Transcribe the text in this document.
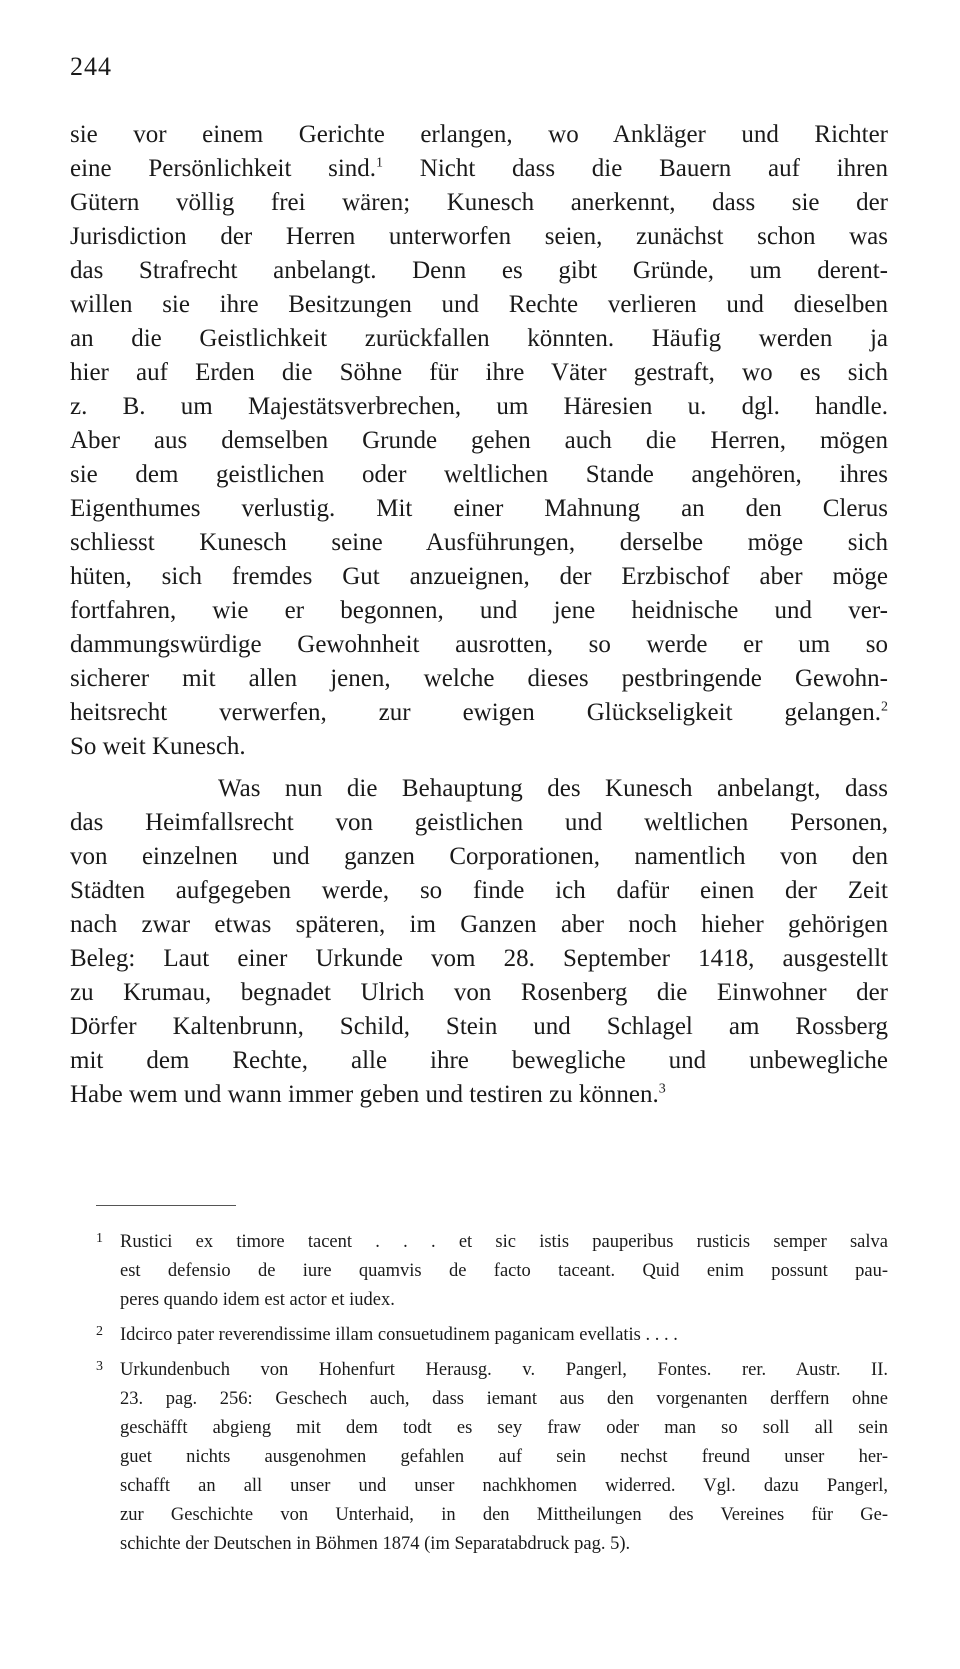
244

sie vor einem Gerichte erlangen, wo Ankläger und Richter
eine Persönlichkeit sind.$^1$ Nicht dass die Bauern auf ihren
Gütern völlig frei wären; Kunesch anerkennt, dass sie der
Jurisdiction der Herren unterworfen seien, zunächst schon was
das Strafrecht anbelangt. Denn es gibt Gründe, um derent-
willen sie ihre Besitzungen und Rechte verlieren und dieselben
an die Geistlichkeit zurückfallen könnten. Häufig werden ja
hier auf Erden die Söhne für ihre Väter gestraft, wo es sich
z. B. um Majestätsverbrechen, um Häresien u. dgl. handle.
Aber aus demselben Grunde gehen auch die Herren, mögen
sie dem geistlichen oder weltlichen Stande angehören, ihres
Eigenthumes verlustig. Mit einer Mahnung an den Clerus
schliesst Kunesch seine Ausführungen, derselbe möge sich
hüten, sich fremdes Gut anzueignen, der Erzbischof aber möge
fortfahren, wie er begonnen, und jene heidnische und ver-
dammungswürdige Gewohnheit ausrotten, so werde er um so
sicherer mit allen jenen, welche dieses pestbringende Gewohn-
heitsrecht verwerfen, zur ewigen Glückseligkeit gelangen.$^2$
So weit Kunesch.

Was nun die Behauptung des Kunesch anbelangt, dass
das Heimfallsrecht von geistlichen und weltlichen Personen,
von einzelnen und ganzen Corporationen, namentlich von den
Städten aufgegeben werde, so finde ich dafür einen der Zeit
nach zwar etwas späteren, im Ganzen aber noch hieher gehörigen
Beleg: Laut einer Urkunde vom 28. September 1418, ausgestellt
zu Krumau, begnadet Ulrich von Rosenberg die Einwohner der
Dörfer Kaltenbrunn, Schild, Stein und Schlagel am Rossberg
mit dem Rechte, alle ihre bewegliche und unbewegliche
Habe wem und wann immer geben und testiren zu können.$^3$

1 Rustici ex timore tacent . . . et sic istis pauperibus rusticis semper salva
est defensio de iure quamvis de facto taceant. Quid enim possunt pau-
peres quando idem est actor et iudex.
2 Idcirco pater reverendissime illam consuetudinem paganicam evellatis . . . .
3 Urkundenbuch von Hohenfurt Herausg. v. Pangerl, Fontes. rer. Austr. II.
23. pag. 256: Geschech auch, dass iemant aus den vorgenanten derffern ohne
geschäfft abgieng mit dem todt es sey fraw oder man so soll all sein
guet nichts ausgenohmen gefahlen auf sein nechst freund unser her-
schafft an all unser und unser nachkhomen widerred. Vgl. dazu Pangerl,
zur Geschichte von Unterhaid, in den Mittheilungen des Vereines für Ge-
schichte der Deutschen in Böhmen 1874 (im Separatabdruck pag. 5).
